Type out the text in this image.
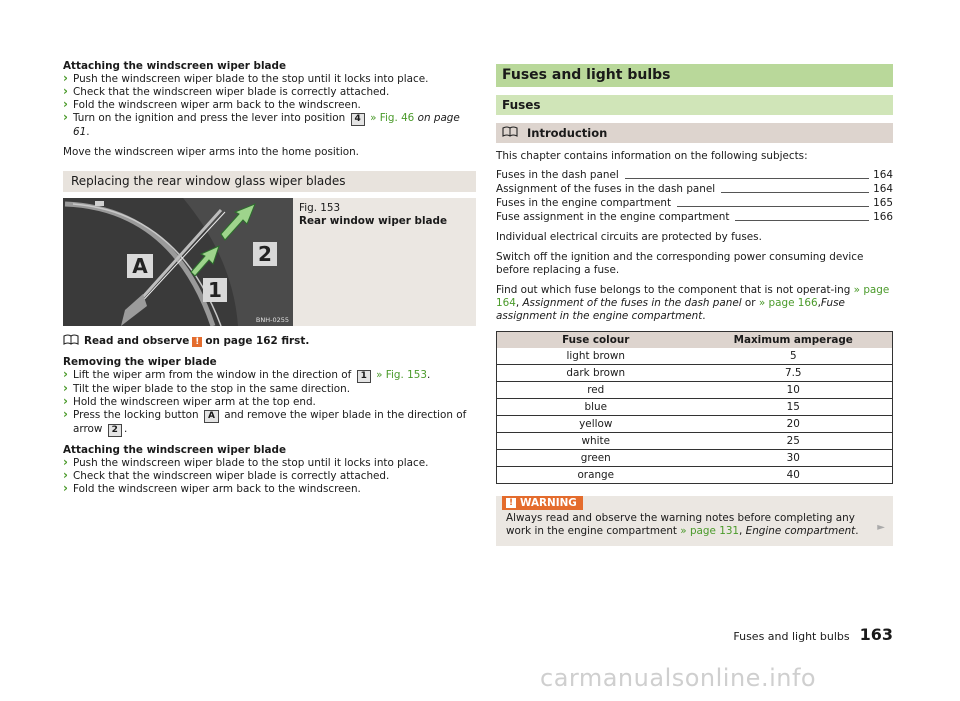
Attaching the windscreen wiper blade
› Push the windscreen wiper blade to the stop until it locks into place.
› Check that the windscreen wiper blade is correctly attached.
› Fold the windscreen wiper arm back to the windscreen.
› Turn on the ignition and press the lever into position 4 » Fig. 46 on page 61.
Move the windscreen wiper arms into the home position.
Replacing the rear window glass wiper blades
A
1
2
BNH-0255
Fig. 153
Rear window wiper blade
Read and observe ! on page 162 first.
Removing the wiper blade
› Lift the wiper arm from the window in the direction of 1 » Fig. 153.
› Tilt the wiper blade to the stop in the same direction.
› Hold the windscreen wiper arm at the top end.
› Press the locking button A and remove the wiper blade in the direction of arrow 2 .
Attaching the windscreen wiper blade
› Push the windscreen wiper blade to the stop until it locks into place.
› Check that the windscreen wiper blade is correctly attached.
› Fold the windscreen wiper arm back to the windscreen.
Fuses and light bulbs
Fuses
Introduction
This chapter contains information on the following subjects:
Fuses in the dash panel	164
Assignment of the fuses in the dash panel	164
Fuses in the engine compartment	165
Fuse assignment in the engine compartment	166
Individual electrical circuits are protected by fuses.
Switch off the ignition and the corresponding power consuming device before replacing a fuse.
Find out which fuse belongs to the component that is not operat-ing » page 164, Assignment of the fuses in the dash panel or » page 166,Fuse assignment in the engine compartment.
Fuse colour	Maximum amperage
light brown	5
dark brown	7.5
red	10
blue	15
yellow	20
white	25
green	30
orange	40
! WARNING
Always read and observe the warning notes before completing any work in the engine compartment » page 131, Engine compartment.	►
Fuses and light bulbs 163
carmanualsonline.info
